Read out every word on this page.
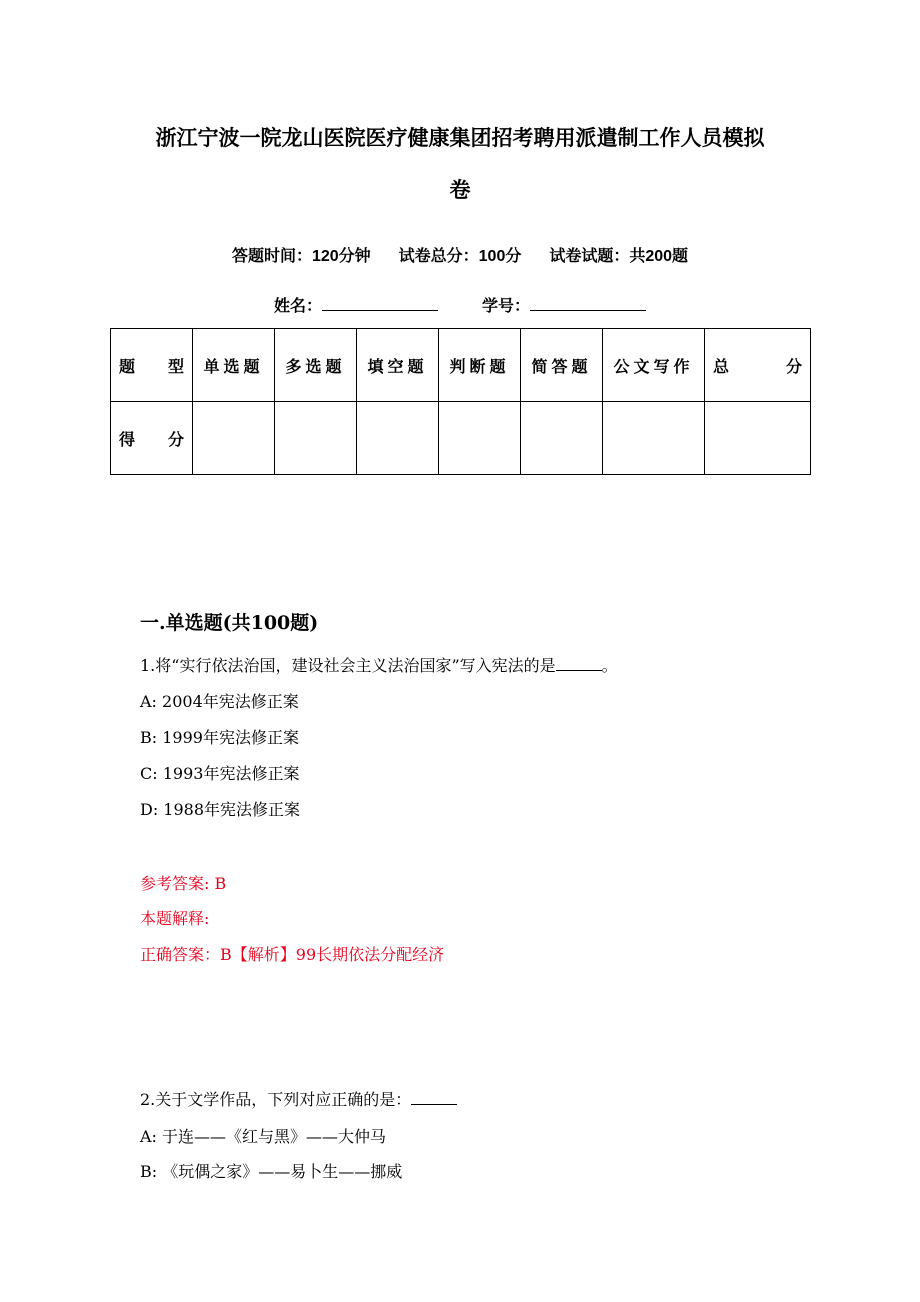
浙江宁波一院龙山医院医疗健康集团招考聘用派遣制工作人员模拟
卷
答题时间：120分钟 试卷总分：100分 试卷试题：共200题
姓名：	学号：
题型	单选题	多选题	填空题	判断题	简答题	公文写作	总分
得分							
一.单选题(共100题)
1.将“实行依法治国，建设社会主义法治国家”写入宪法的是	。
A: 2004年宪法修正案
B: 1999年宪法修正案
C: 1993年宪法修正案
D: 1988年宪法修正案
参考答案: B
本题解释:
正确答案：B【解析】99长期依法分配经济
2.关于文学作品，下列对应正确的是：
A: 于连——《红与黑》——大仲马
B: 《玩偶之家》——易卜生——挪威
